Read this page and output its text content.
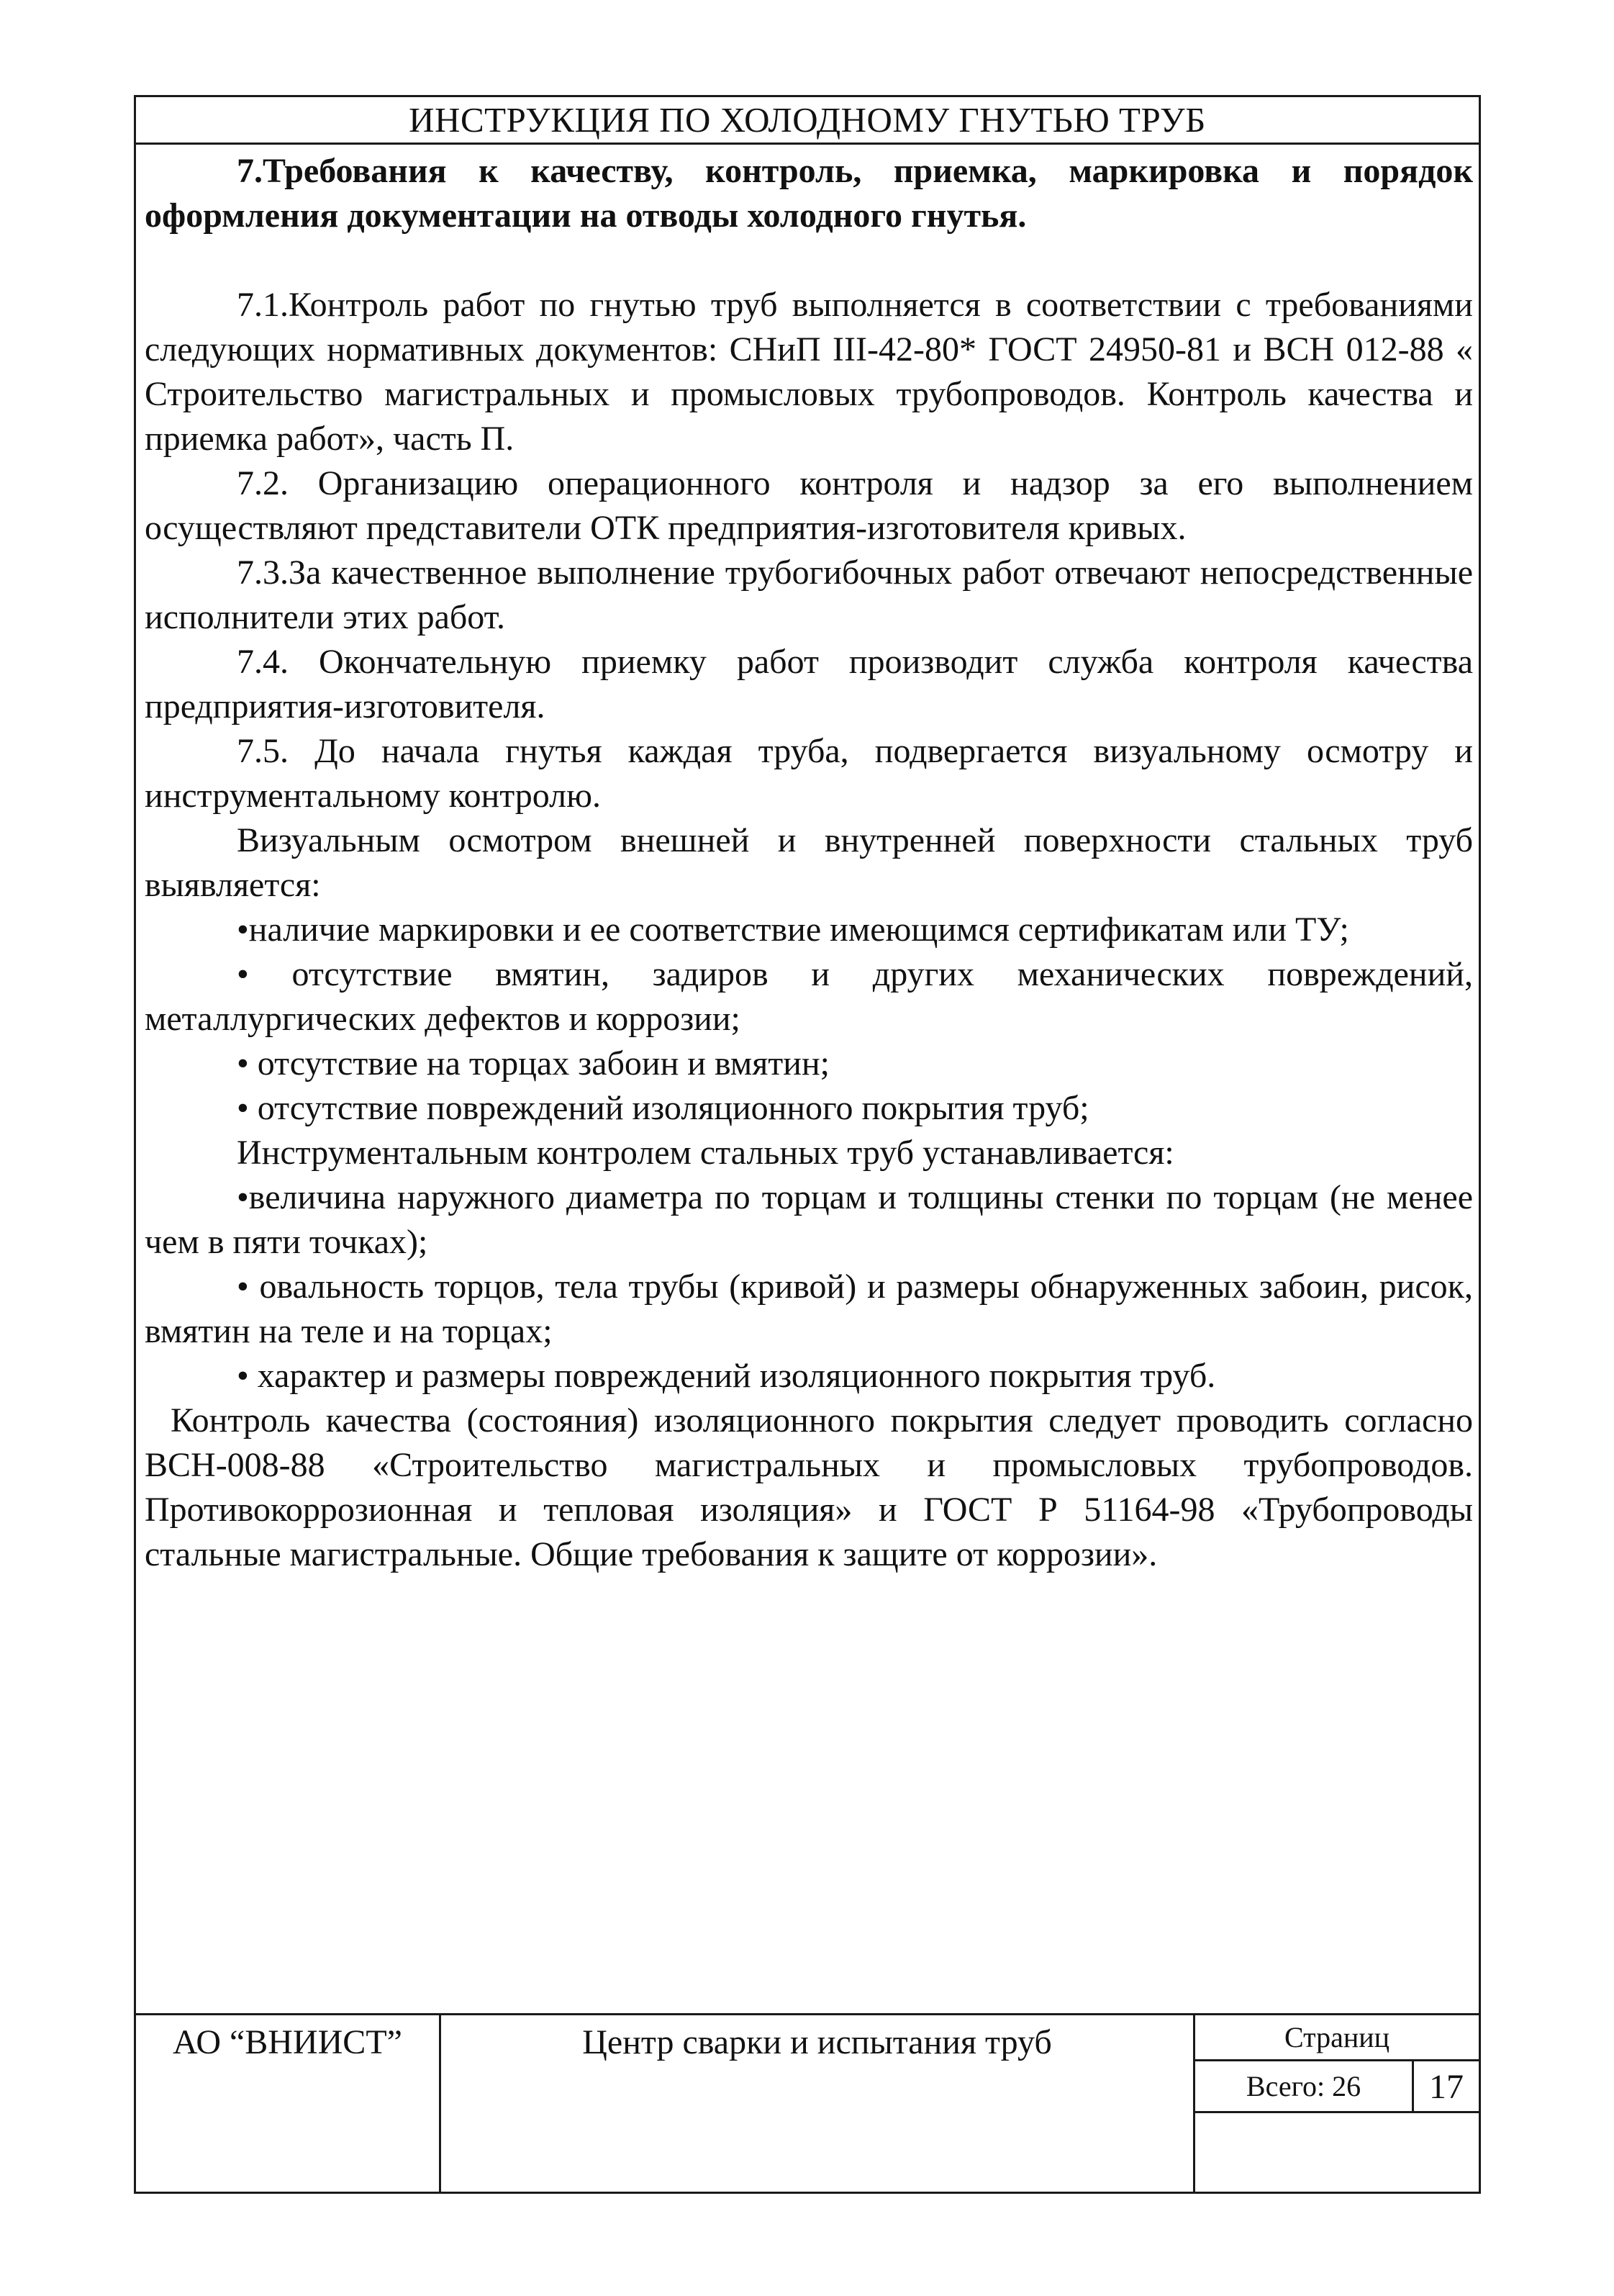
ИНСТРУКЦИЯ ПО ХОЛОДНОМУ ГНУТЬЮ ТРУБ

7.Требования к качеству, контроль, приемка, маркировка и порядок оформления документации на отводы холодного гнутья.

7.1.Контроль работ по гнутью труб выполняется в соответствии с требованиями следующих нормативных документов: СНиП III-42-80* ГОСТ 24950-81 и ВСН 012-88 « Строительство магистральных и промысловых трубопроводов. Контроль качества и приемка работ», часть П.

7.2. Организацию операционного контроля и надзор за его выполнением осуществляют представители ОТК предприятия-изготовителя кривых.

7.3.За качественное выполнение трубогибочных работ отвечают непосредственные исполнители этих работ.

7.4. Окончательную приемку работ производит служба контроля качества предприятия-изготовителя.

7.5. До начала гнутья каждая труба, подвергается визуальному осмотру и инструментальному контролю.

Визуальным осмотром внешней и внутренней поверхности стальных труб выявляется:

•наличие маркировки и ее соответствие имеющимся сертификатам или ТУ;

• отсутствие вмятин, задиров и других механических повреждений, металлургических дефектов и коррозии;

• отсутствие на торцах забоин и вмятин;

• отсутствие повреждений изоляционного покрытия труб;

Инструментальным контролем стальных труб устанавливается:

•величина наружного диаметра по торцам и толщины стенки по торцам (не менее чем в пяти точках);

• овальность торцов, тела трубы (кривой) и размеры обнаруженных забоин, рисок, вмятин на теле и на торцах;

• характер и размеры повреждений изоляционного покрытия труб.

Контроль качества (состояния) изоляционного покрытия следует проводить согласно ВСН-008-88 «Строительство магистральных и промысловых трубопроводов. Противокоррозионная и тепловая изоляция» и ГОСТ Р 51164-98 «Трубопроводы стальные магистральные. Общие требования к защите от коррозии».

АО “ВНИИСТ”	Центр сварки и испытания труб	Страниц
Всего: 26	17
